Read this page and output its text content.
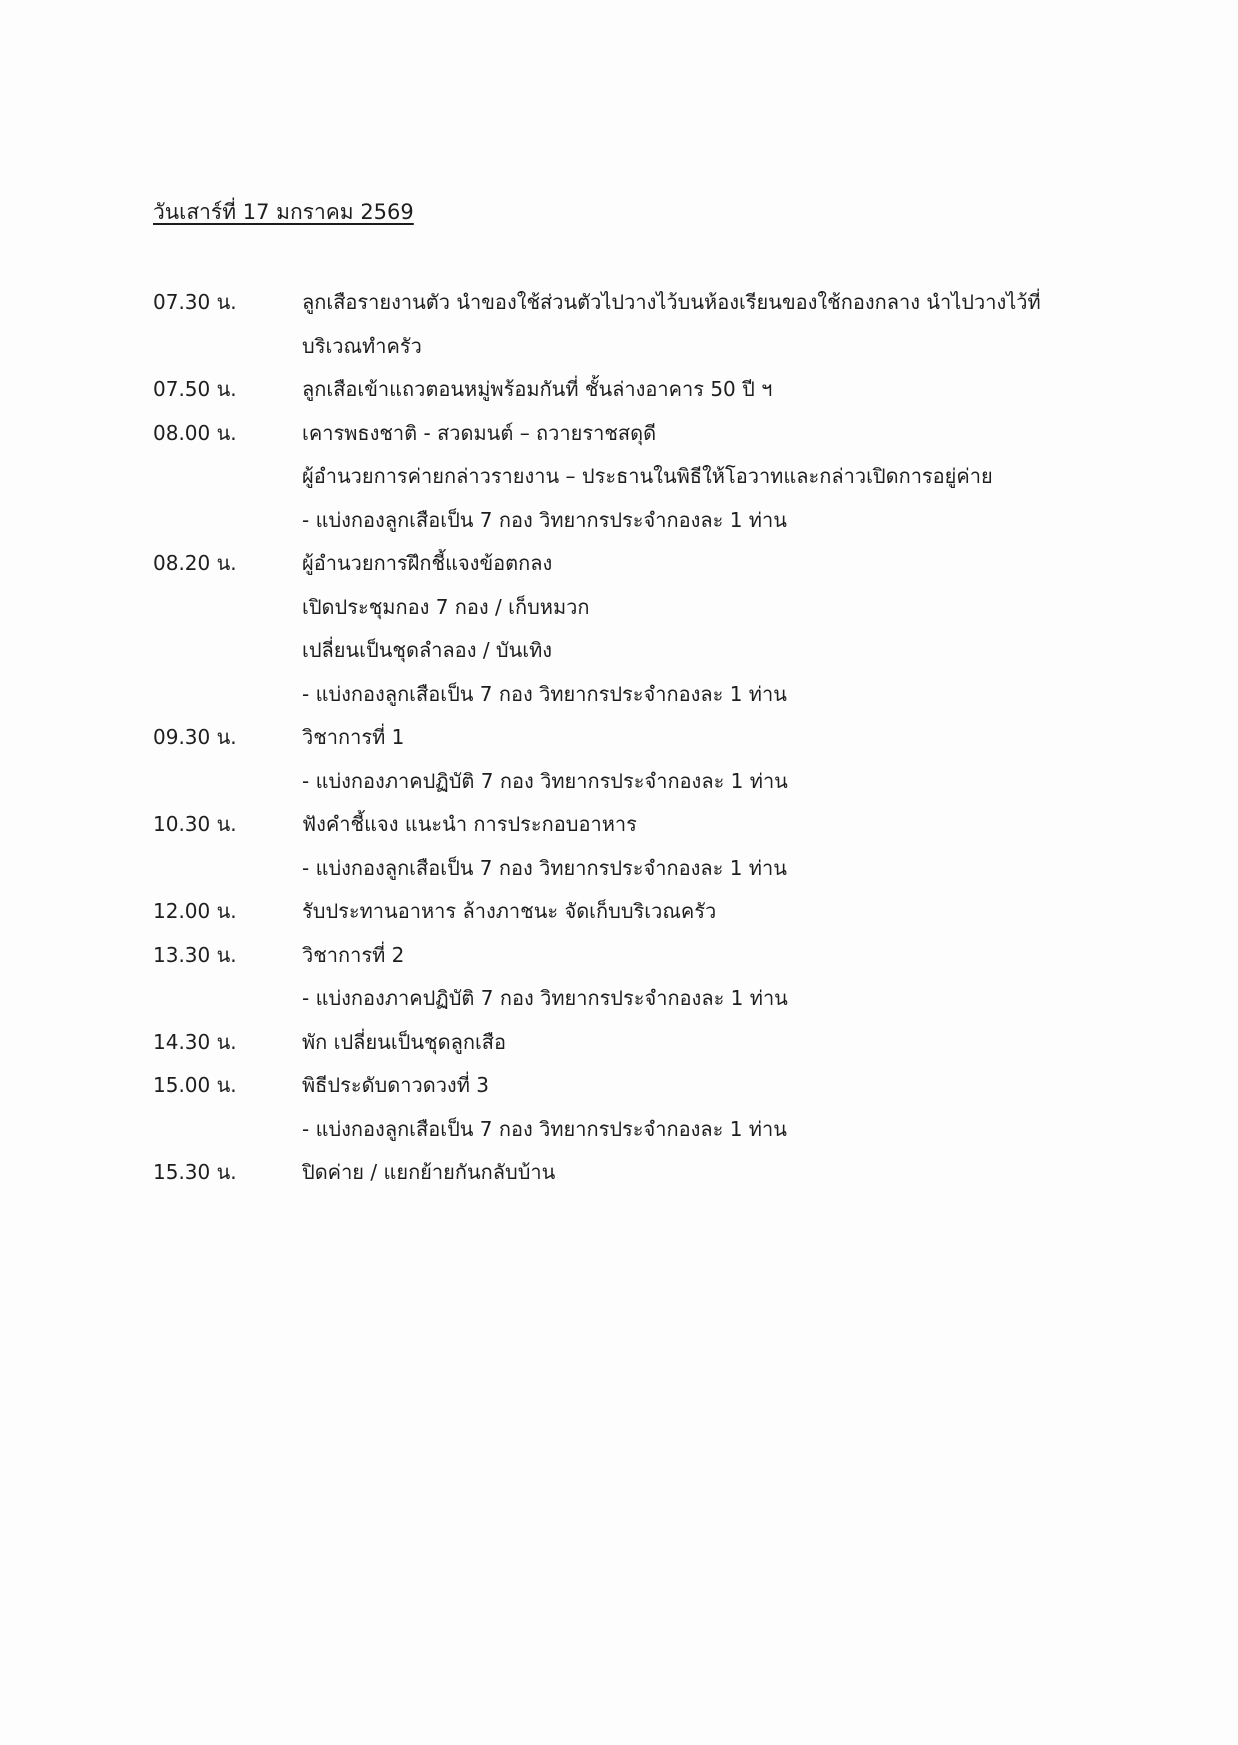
วันเสาร์ที่ 17 มกราคม 2569
07.30 น.	ลูกเสือรายงานตัว นำของใช้ส่วนตัวไปวางไว้บนห้องเรียนของใช้กองกลาง นำไปวางไว้ที่
บริเวณทำครัว
07.50 น.	ลูกเสือเข้าแถวตอนหมู่พร้อมกันที่ ชั้นล่างอาคาร 50 ปี ฯ
08.00 น.	เคารพธงชาติ - สวดมนต์ – ถวายราชสดุดี
ผู้อำนวยการค่ายกล่าวรายงาน – ประธานในพิธีให้โอวาทและกล่าวเปิดการอยู่ค่าย
- แบ่งกองลูกเสือเป็น 7 กอง วิทยากรประจำกองละ 1 ท่าน
08.20 น.	ผู้อำนวยการฝึกชี้แจงข้อตกลง
เปิดประชุมกอง 7 กอง / เก็บหมวก
เปลี่ยนเป็นชุดลำลอง / บันเทิง
- แบ่งกองลูกเสือเป็น 7 กอง วิทยากรประจำกองละ 1 ท่าน
09.30 น.	วิชาการที่ 1
- แบ่งกองภาคปฏิบัติ 7 กอง วิทยากรประจำกองละ 1 ท่าน
10.30 น.	ฟังคำชี้แจง แนะนำ การประกอบอาหาร
- แบ่งกองลูกเสือเป็น 7 กอง วิทยากรประจำกองละ 1 ท่าน
12.00 น.	รับประทานอาหาร ล้างภาชนะ จัดเก็บบริเวณครัว
13.30 น.	วิชาการที่ 2
- แบ่งกองภาคปฏิบัติ 7 กอง วิทยากรประจำกองละ 1 ท่าน
14.30 น.	พัก เปลี่ยนเป็นชุดลูกเสือ
15.00 น.	พิธีประดับดาวดวงที่ 3
- แบ่งกองลูกเสือเป็น 7 กอง วิทยากรประจำกองละ 1 ท่าน
15.30 น.	ปิดค่าย / แยกย้ายกันกลับบ้าน
